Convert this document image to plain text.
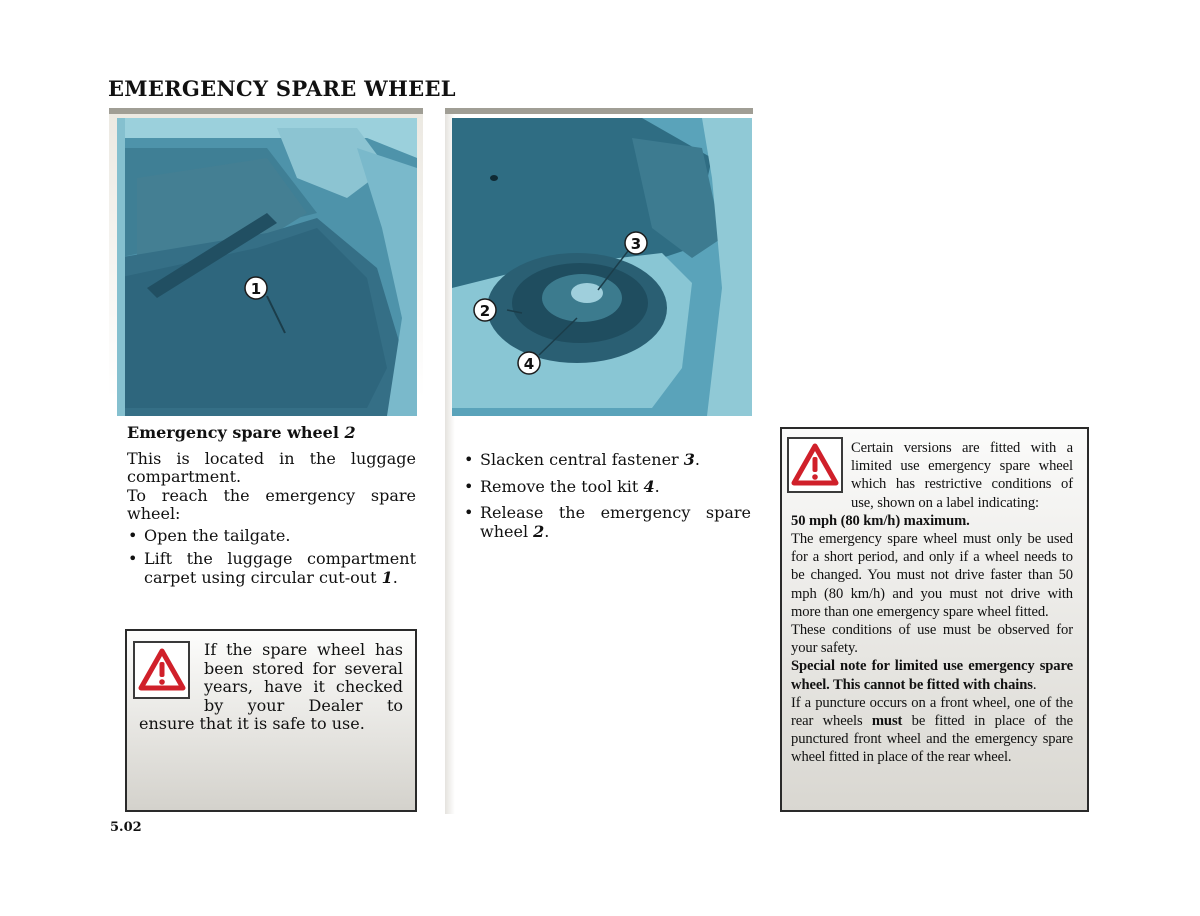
EMERGENCY SPARE WHEEL
1
2
3
4
Emergency spare wheel 2

This is located in the luggage compartment.

To reach the emergency spare wheel:

• Open the tailgate.
• Lift the luggage compartment carpet using circular cut-out 1.

If the spare wheel has been stored for several years, have it checked by your Dealer to ensure that it is safe to use.

• Slacken central fastener 3.
• Remove the tool kit 4.
• Release the emergency spare wheel 2.

Certain versions are fitted with a limited use emergency spare wheel which has restrictive conditions of use, shown on a label indicating:

50 mph (80 km/h) maximum.

The emergency spare wheel must only be used for a short period, and only if a wheel needs to be changed. You must not drive faster than 50 mph (80 km/h) and you must not drive with more than one emergency spare wheel fitted.

These conditions of use must be observed for your safety.

Special note for limited use emergency spare wheel. This cannot be fitted with chains.

If a puncture occurs on a front wheel, one of the rear wheels must be fitted in place of the punctured front wheel and the emergency spare wheel fitted in place of the rear wheel.

5.02
